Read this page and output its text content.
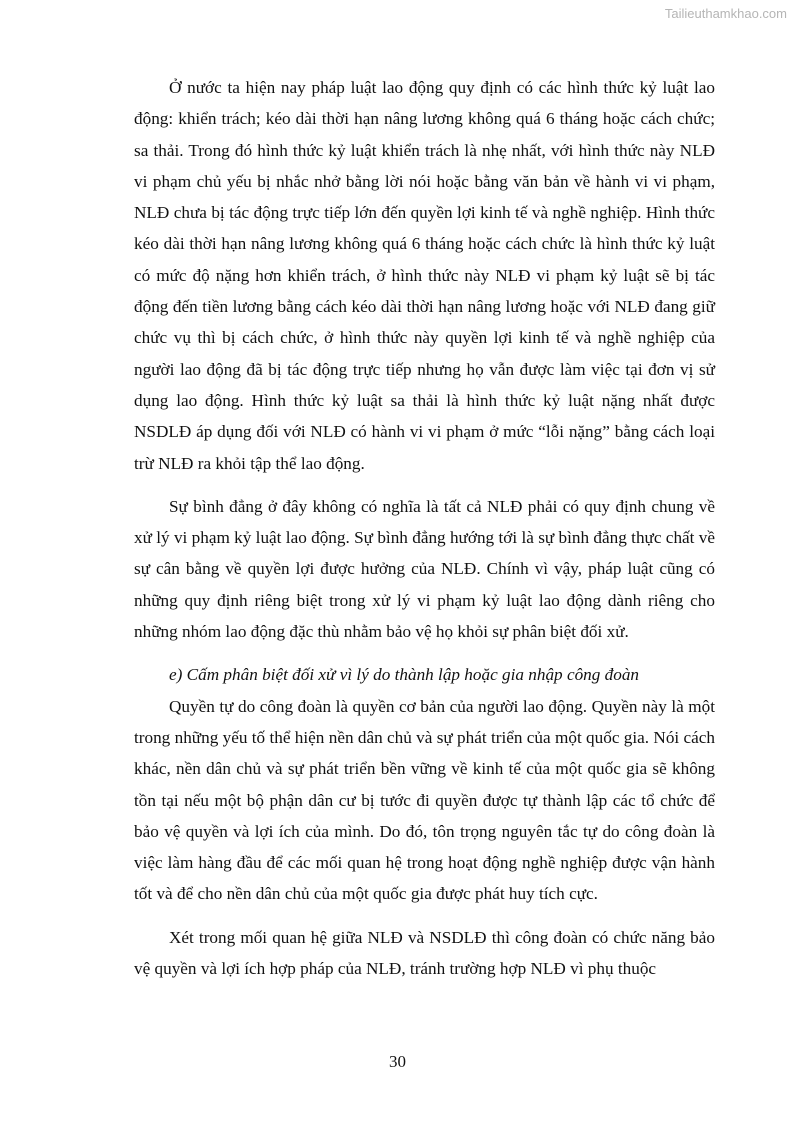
Tailieuthamkhao.com

Ở nước ta hiện nay pháp luật lao động quy định có các hình thức kỷ luật lao động: khiển trách; kéo dài thời hạn nâng lương không quá 6 tháng hoặc cách chức; sa thải. Trong đó hình thức kỷ luật khiển trách là nhẹ nhất, với hình thức này NLĐ vi phạm chủ yếu bị nhắc nhở bằng lời nói hoặc bằng văn bản về hành vi vi phạm, NLĐ chưa bị tác động trực tiếp lớn đến quyền lợi kinh tế và nghề nghiệp. Hình thức kéo dài thời hạn nâng lương không quá 6 tháng hoặc cách chức là hình thức kỷ luật có mức độ nặng hơn khiển trách, ở hình thức này NLĐ vi phạm kỷ luật sẽ bị tác động đến tiền lương bằng cách kéo dài thời hạn nâng lương hoặc với NLĐ đang giữ chức vụ thì bị cách chức, ở hình thức này quyền lợi kinh tế và nghề nghiệp của người lao động đã bị tác động trực tiếp nhưng họ vẫn được làm việc tại đơn vị sử dụng lao động. Hình thức kỷ luật sa thải là hình thức kỷ luật nặng nhất được NSDLĐ áp dụng đối với NLĐ có hành vi vi phạm ở mức “lỗi nặng” bằng cách loại trừ NLĐ ra khỏi tập thể lao động.

Sự bình đẳng ở đây không có nghĩa là tất cả NLĐ phải có quy định chung về xử lý vi phạm kỷ luật lao động. Sự bình đẳng hướng tới là sự bình đẳng thực chất về sự cân bằng về quyền lợi được hưởng của NLĐ. Chính vì vậy, pháp luật cũng có những quy định riêng biệt trong xử lý vi phạm kỷ luật lao động dành riêng cho những nhóm lao động đặc thù nhằm bảo vệ họ khỏi sự phân biệt đối xử.

e) Cấm phân biệt đối xử vì lý do thành lập hoặc gia nhập công đoàn

Quyền tự do công đoàn là quyền cơ bản của người lao động. Quyền này là một trong những yếu tố thể hiện nền dân chủ và sự phát triển của một quốc gia. Nói cách khác, nền dân chủ và sự phát triển bền vững về kinh tế của một quốc gia sẽ không tồn tại nếu một bộ phận dân cư bị tước đi quyền được tự thành lập các tổ chức để bảo vệ quyền và lợi ích của mình. Do đó, tôn trọng nguyên tắc tự do công đoàn là việc làm hàng đầu để các mối quan hệ trong hoạt động nghề nghiệp được vận hành tốt và để cho nền dân chủ của một quốc gia được phát huy tích cực.

Xét trong mối quan hệ giữa NLĐ và NSDLĐ thì công đoàn có chức năng bảo vệ quyền và lợi ích hợp pháp của NLĐ, tránh trường hợp NLĐ vì phụ thuộc

30
